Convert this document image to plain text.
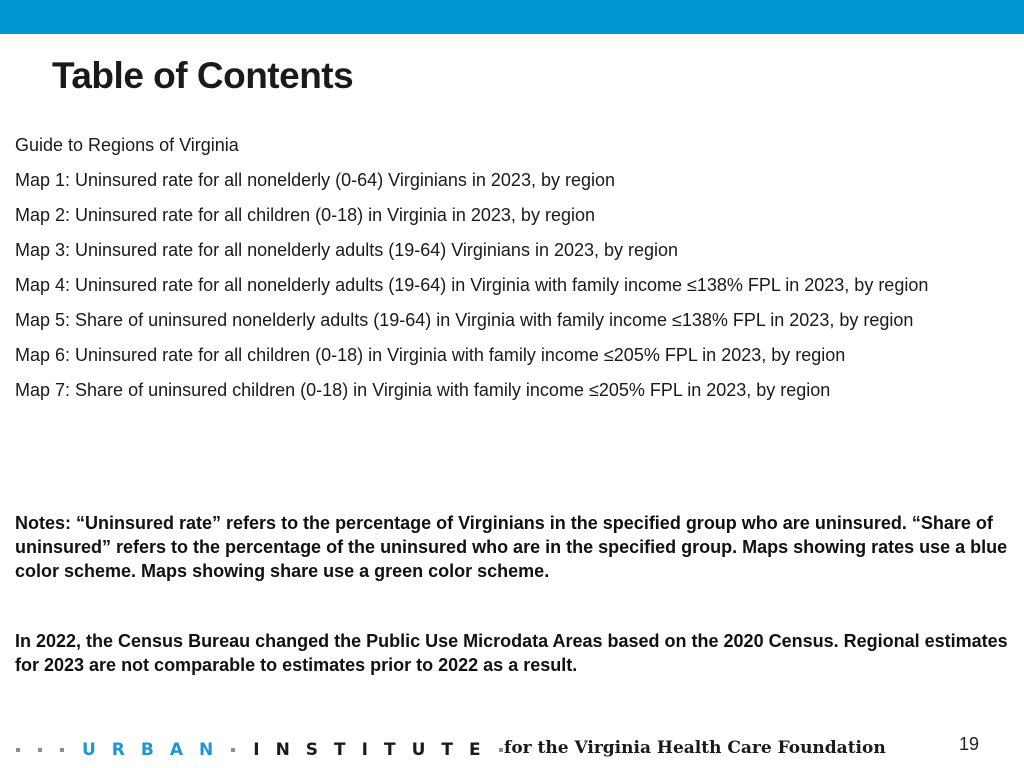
Table of Contents
Guide to Regions of Virginia
Map 1: Uninsured rate for all nonelderly (0-64) Virginians in 2023, by region
Map 2: Uninsured rate for all children (0-18) in Virginia in 2023, by region
Map 3: Uninsured rate for all nonelderly adults (19-64) Virginians in 2023, by region
Map 4: Uninsured rate for all nonelderly adults (19-64) in Virginia with family income ≤138% FPL in 2023, by region
Map 5: Share of uninsured nonelderly adults (19-64) in Virginia with family income ≤138% FPL in 2023, by region
Map 6: Uninsured rate for all children (0-18) in Virginia with family income ≤205% FPL in 2023, by region
Map 7: Share of uninsured children (0-18) in Virginia with family income ≤205% FPL in 2023, by region

Notes: “Uninsured rate” refers to the percentage of Virginians in the specified group who are uninsured. “Share of uninsured” refers to the percentage of the uninsured who are in the specified group. Maps showing rates use a blue color scheme. Maps showing share use a green color scheme.

In 2022, the Census Bureau changed the Public Use Microdata Areas based on the 2020 Census. Regional estimates for 2023 are not comparable to estimates prior to 2022 as a result.

URBAN INSTITUTE for the Virginia Health Care Foundation	19
